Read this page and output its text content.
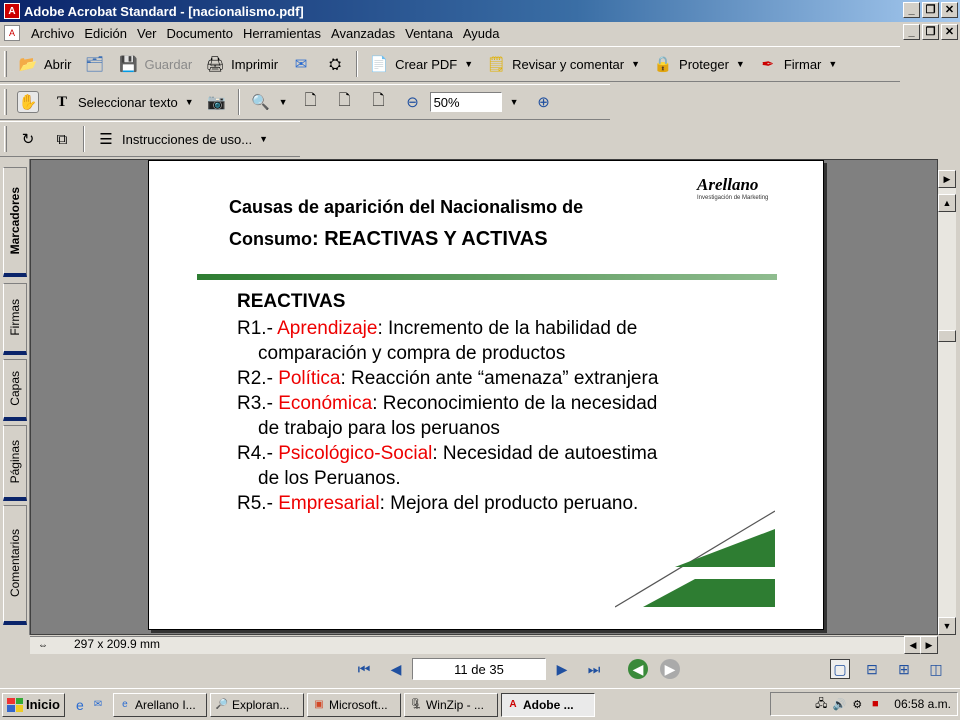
A Adobe Acrobat Standard - [nacionalismo.pdf]	_	❐ ✕
A	Archivo Edición Ver Documento Herramientas Avanzadas Ventana Ayuda	_	❐ ✕
📂 Abrir 🗂 💾 Guardar 🖨 Imprimir	✉	⛭	📄 Crear PDF ▼ 🗒 Revisar y comentar ▼ 🔒 Proteger ▼	✒ Firmar ▼
✋	T Seleccionar texto ▼ 📷 🔍 ▼	🗋	🗋	🗋	⊖
50%	▼	⊕
↻	⧉	☰ Instrucciones de uso... ▼
Marcadores
Firmas
Capas
Páginas
Comentarios
Causas de aparición del Nacionalismo de
Consumo: REACTIVAS Y ACTIVAS
Arellano
Investigación de Marketing
REACTIVAS
R1.- Aprendizaje: Incremento de la habilidad de
comparación y compra de productos
R2.- Política: Reacción ante “amenaza” extranjera
R3.- Económica: Reconocimiento de la necesidad
de trabajo para los peruanos
R4.- Psicológico-Social: Necesidad de autoestima
de los Peruanos.
R5.- Empresarial: Mejora del producto peruano.
▲
▼
▶
⇔ 297 x 209.9 mm	◀	▶
⏮	◀	11 de 35	▶	⏭	◀	▶	▢ ⊟ ⊞ ◫
Inicio e ✉	e Arellano I... 🔎 Exploran... ▣ Microsoft... 🗜 WinZip - ...	A Adobe ...	🖧 🔊 ⚙ ■	06:58 a.m.
